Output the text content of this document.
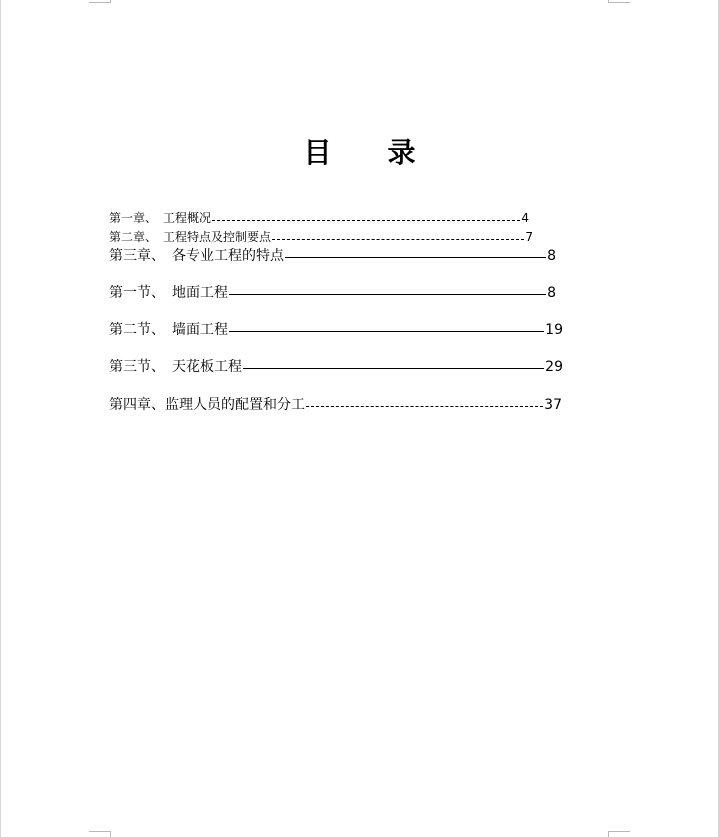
目　　录
第一章、　工程概况	4
第二章、　工程特点及控制要点	7
第三章、　各专业工程的特点	8
第一节、　地面工程	8
第二节、　墙面工程	19
第三节、　天花板工程	29
第四章、监理人员的配置和分工	37
